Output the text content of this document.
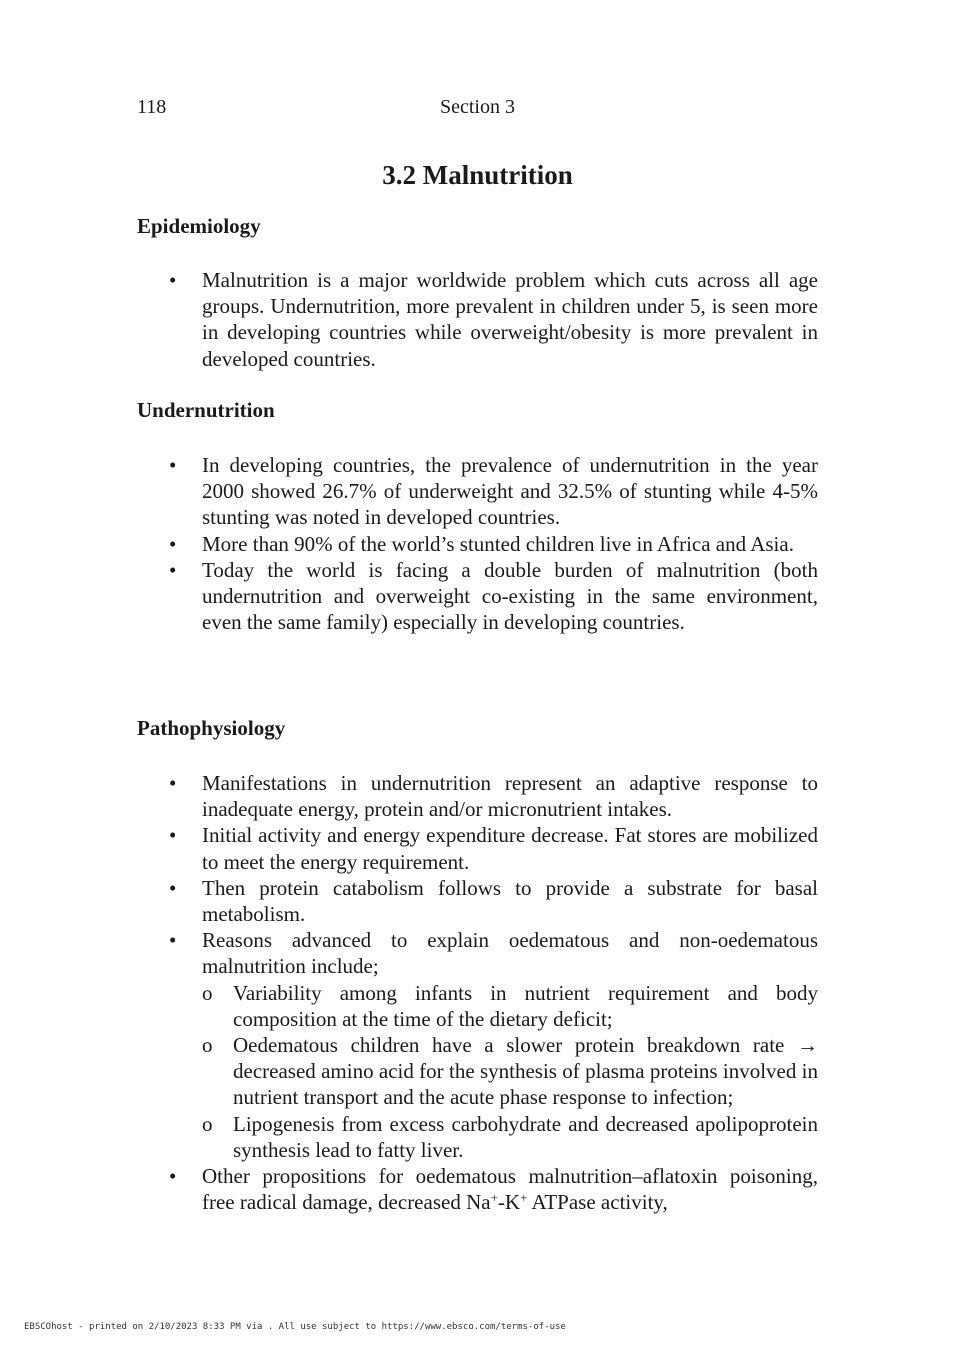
118	Section 3
3.2 Malnutrition
Epidemiology
• Malnutrition is a major worldwide problem which cuts across all age groups. Undernutrition, more prevalent in children under 5, is seen more in developing countries while overweight/obesity is more prevalent in developed countries.
Undernutrition
• In developing countries, the prevalence of undernutrition in the year 2000 showed 26.7% of underweight and 32.5% of stunting while 4-5% stunting was noted in developed countries.
• More than 90% of the world’s stunted children live in Africa and Asia.
• Today the world is facing a double burden of malnutrition (both undernutrition and overweight co-existing in the same environment, even the same family) especially in developing countries.
Pathophysiology
• Manifestations in undernutrition represent an adaptive response to inadequate energy, protein and/or micronutrient intakes.
• Initial activity and energy expenditure decrease. Fat stores are mobilized to meet the energy requirement.
• Then protein catabolism follows to provide a substrate for basal metabolism.
• Reasons advanced to explain oedematous and non-oedematous malnutrition include;
o Variability among infants in nutrient requirement and body composition at the time of the dietary deficit;
o Oedematous children have a slower protein breakdown rate → decreased amino acid for the synthesis of plasma proteins involved in nutrient transport and the acute phase response to infection;
o Lipogenesis from excess carbohydrate and decreased apolipoprotein synthesis lead to fatty liver.
• Other propositions for oedematous malnutrition–aflatoxin poisoning, free radical damage, decreased Na+-K+ ATPase activity,
EBSCOhost - printed on 2/10/2023 8:33 PM via . All use subject to https://www.ebsco.com/terms-of-use
